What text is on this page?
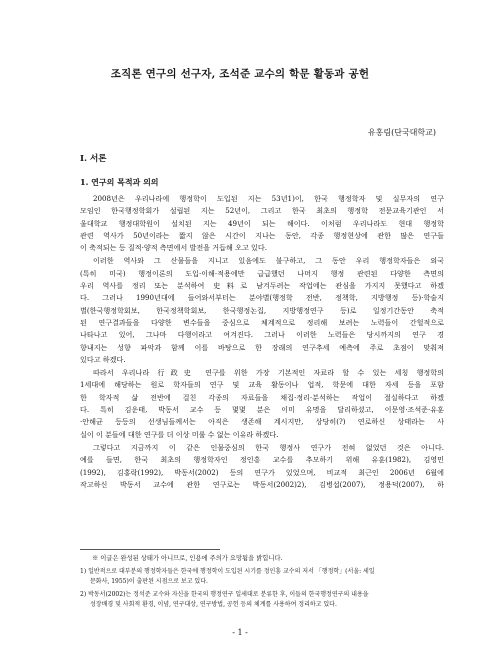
조직론 연구의 선구자, 조석준 교수의 학문 활동과 공헌
유홍림(단국대학교)
I. 서론
1. 연구의 목적과 의의
2008년은 우리나라에 행정학이 도입된 지는 53년1)이, 한국 행정학자 및 실무자의 연구
모임인 한국행정학회가 설립된 지는 52년이, 그리고 한국 최초의 행정학 전문교육기관인 서
울대학교 행정대학원이 설치된 지는 49년이 되는 해이다. 이처럼 우리나라도 현대 행정학
관련 역사가 50년이라는 짧지 않은 시간이 지나는 동안, 각종 행정현상에 관한 많은 연구들
이 축적되는 등 질적·양적 측면에서 발전을 거듭해 오고 있다.
이러한 역사와 그 산물들을 지니고 있음에도 불구하고, 그 동안 우리 행정학자들은 외국
(특히 미국) 행정이론의 도입·이해·적용에만 급급했던 나머지 행정 관련된 다양한 측면의
우리 역사를 정리 또는 분석하여 史料로 남겨두려는 작업에는 관심을 가지지 못했다고 하겠
다. 그러나 1990년대에 들어와서부터는 분야별(행정학 전반, 정책학, 지방행정 등)·학술지
별(한국행정학회보, 한국정책학회보, 한국행정논집, 지방행정연구 등)로 일정기간동안 축적
된 연구결과들을 다양한 변수들을 중심으로 체계적으로 정리해 보려는 노력들이 간헐적으로
나타나고 있어, 그나마 다행이라고 여겨진다. 그러나 이러한 노력들은 당시까지의 연구 경
향내지는 성향 파악과 함께 이를 바탕으로 한 장래의 연구추세 예측에 주로 초점이 맞춰져
있다고 하겠다.
따라서 우리나라 行政史 연구를 위한 가장 기본적인 자료라 할 수 있는 세칭 행정학의
1세대에 해당하는 원로 학자들의 연구 및 교육 활동이나 업적, 학문에 대한 자세 등을 포함
한 학자적 삶 전반에 걸친 각종의 자료들을 채집·정리·분석하는 작업이 절실하다고 하겠
다. 특히 김운태, 박동서 교수 등 몇몇 분은 이미 유명을 달리하셨고, 이문영·조석준·유훈
·안해균 등등의 선생님들께서는 아직은 생존해 계시지만, 상당히(?) 연로하신 상태라는 사
실이 이 분들에 대한 연구를 더 이상 미룰 수 없는 이유라 하겠다.
그렇다고 지금까지 이 같은 인물중심의 한국 행정사 연구가 전혀 없었던 것은 아니다.
예를 들면, 한국 최초의 행정학자인 정인흥 교수를 추모하기 위해 유훈(1982), 김영민
(1992), 김홍락(1992), 박동서(2002) 등의 연구가 있었으며, 비교적 최근인 2006년 6월에
작고하신 박동서 교수에 관한 연구로는 박동서(2002)2), 김병섭(2007), 정용덕(2007), 하
※ 이글은 완성된 상태가 아니므로, 인용에 주의가 요망됨을 밝힙니다.
1) 일반적으로 대부분의 행정학자들은 한국에 행정학이 도입된 시기를 정인흥 교수의 저서 「행정학」(서울: 세일
문화사, 1955)이 출판된 시점으로 보고 있다.
2) 박동서(2002)는 정석준 교수와 자신을 한국의 행정연구 일세대로 분류한 후, 이들의 한국행정연구의 내용을
성장배경 및 사회적 환경, 이념, 연구대상, 연구방법, 공헌 등의 체계를 사용하여 정리하고 있다.
- 1 -
